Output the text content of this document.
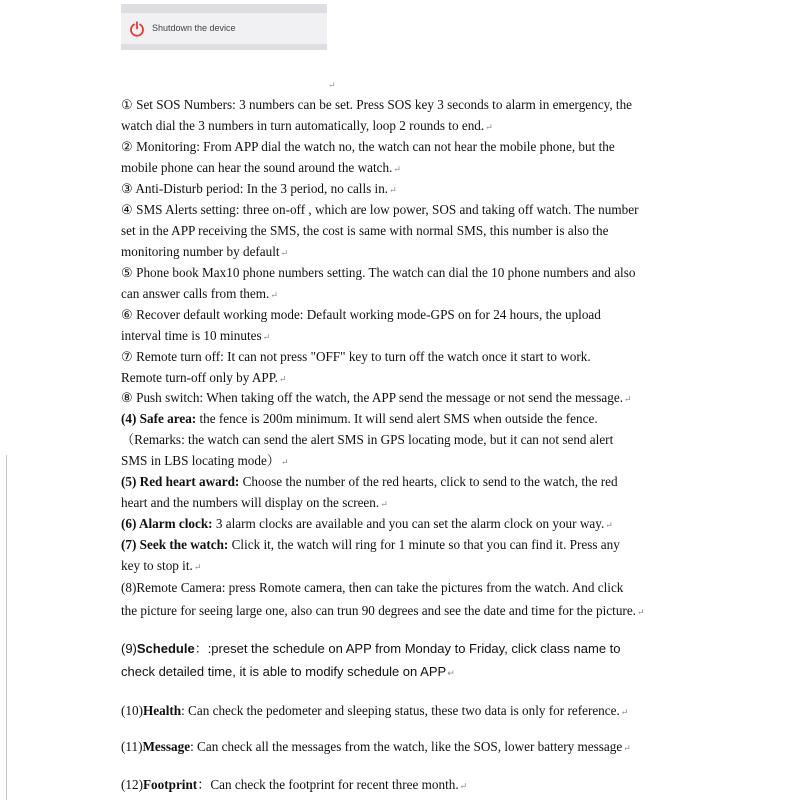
Shutdown the device
↵
① Set SOS Numbers: 3 numbers can be set. Press SOS key 3 seconds to alarm in emergency, the
watch dial the 3 numbers in turn automatically, loop 2 rounds to end.↵
② Monitoring: From APP dial the watch no, the watch can not hear the mobile phone, but the
mobile phone can hear the sound around the watch.↵
③ Anti-Disturb period: In the 3 period, no calls in.↵
④ SMS Alerts setting: three on-off , which are low power, SOS and taking off watch. The number
set in the APP receiving the SMS, the cost is same with normal SMS, this number is also the
monitoring number by default↵
⑤ Phone book Max10 phone numbers setting. The watch can dial the 10 phone numbers and also
can answer calls from them.↵
⑥ Recover default working mode: Default working mode-GPS on for 24 hours, the upload
interval time is 10 minutes↵
⑦ Remote turn off: It can not press "OFF" key to turn off the watch once it start to work.
Remote turn-off only by APP.↵
⑧ Push switch: When taking off the watch, the APP send the message or not send the message.↵
(4) Safe area: the fence is 200m minimum. It will send alert SMS when outside the fence.
（Remarks: the watch can send the alert SMS in GPS locating mode, but it can not send alert
SMS in LBS locating mode）↵
(5) Red heart award: Choose the number of the red hearts, click to send to the watch, the red
heart and the numbers will display on the screen.↵
(6) Alarm clock: 3 alarm clocks are available and you can set the alarm clock on your way.↵
(7) Seek the watch: Click it, the watch will ring for 1 minute so that you can find it. Press any
key to stop it.↵
(8)Remote Camera: press Romote camera, then can take the pictures from the watch. And click
the picture for seeing large one, also can trun 90 degrees and see the date and time for the picture.↵
(9)Schedule：:preset the schedule on APP from Monday to Friday, click class name to
check detailed time, it is able to modify schedule on APP↵
(10)Health: Can check the pedometer and sleeping status, these two data is only for reference.↵
(11)Message: Can check all the messages from the watch, like the SOS, lower battery message↵
(12)Footprint：Can check the footprint for recent three month.↵
